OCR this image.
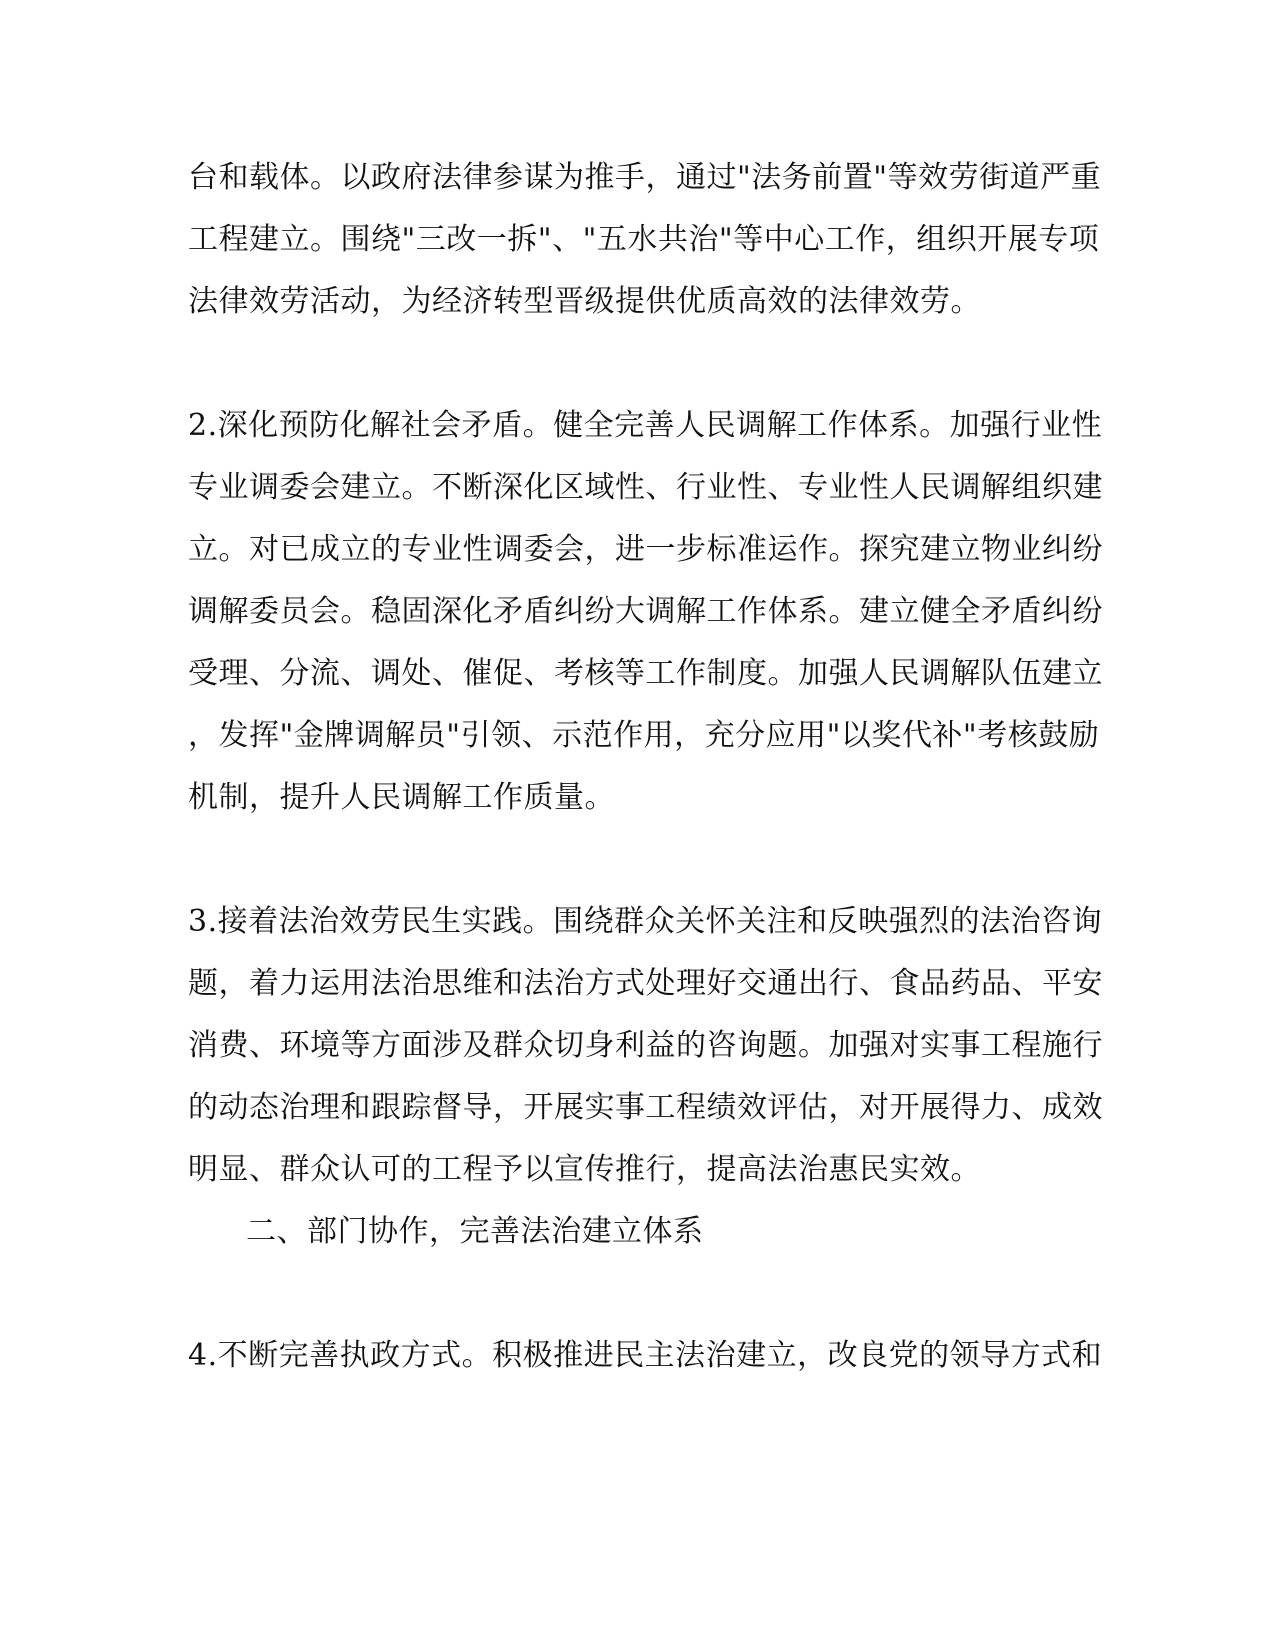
台和载体。以政府法律参谋为推手，通过"法务前置"等效劳街道严重
工程建立。围绕"三改一拆"、"五水共治"等中心工作，组织开展专项
法律效劳活动，为经济转型晋级提供优质高效的法律效劳。
2.深化预防化解社会矛盾。健全完善人民调解工作体系。加强行业性
专业调委会建立。不断深化区域性、行业性、专业性人民调解组织建
立。对已成立的专业性调委会，进一步标准运作。探究建立物业纠纷
调解委员会。稳固深化矛盾纠纷大调解工作体系。建立健全矛盾纠纷
受理、分流、调处、催促、考核等工作制度。加强人民调解队伍建立
，发挥"金牌调解员"引领、示范作用，充分应用"以奖代补"考核鼓励
机制，提升人民调解工作质量。
3.接着法治效劳民生实践。围绕群众关怀关注和反映强烈的法治咨询
题，着力运用法治思维和法治方式处理好交通出行、食品药品、平安
消费、环境等方面涉及群众切身利益的咨询题。加强对实事工程施行
的动态治理和跟踪督导，开展实事工程绩效评估，对开展得力、成效
明显、群众认可的工程予以宣传推行，提高法治惠民实效。
二、部门协作，完善法治建立体系
4.不断完善执政方式。积极推进民主法治建立，改良党的领导方式和
